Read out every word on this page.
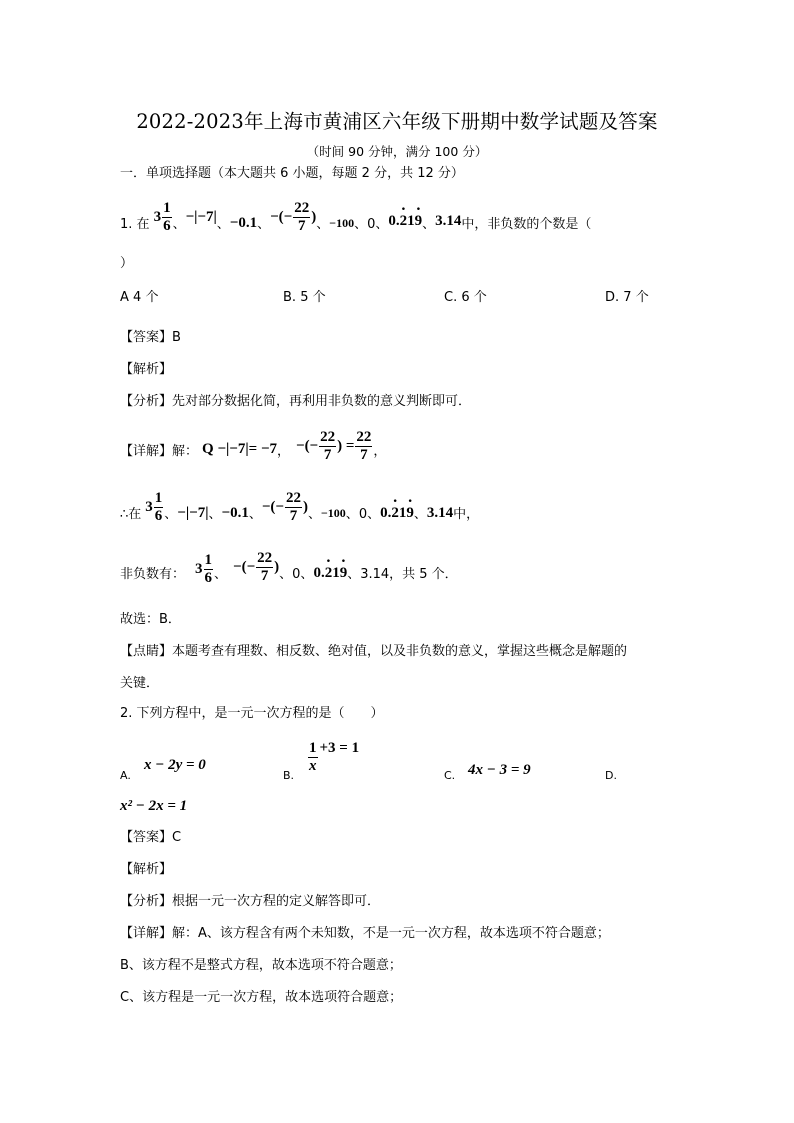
2022-2023年上海市黄浦区六年级下册期中数学试题及答案
（时间 90 分钟，满分 100 分）
一．单项选择题（本大题共 6 小题，每题 2 分，共 12 分）
1.
在 $3 \frac{1}{6}$ 、 −|−7| 、 −0.1 、 −(− $\frac{22}{7}$ ) 、 −100 、 0 、 0.2 ·19 · 、 3.14 中，非负数的个数是（
）
A 4 个	B. 5 个	C. 6 个	D. 7 个
【答案】B
【解析】
【分析】先对部分数据化简，再利用非负数的意义判断即可．
【详解】 解： Q −|−7|= −7 ， −(− $\frac{22}{7}$ ) = $\frac{22}{7}$ ，
∴在 $3 \frac{1}{6}$ 、 −|−7| 、 −0.1 、 −(− $\frac{22}{7}$ ) 、 −100 、 0 、 0.2 ·19 · 、 3.14 中，
非负数有： $3 \frac{1}{6}$ 、 −(− $\frac{22}{7}$ ) 、 0 、 0.2 ·19 · 、3.14，共 5 个．
故选：B．
【点睛】本题考查有理数、相反数、绝对值，以及非负数的意义，掌握这些概念是解题的
关键．
2. 下列方程中，是一元一次方程的是（　　）
A.
x − 2y = 0
B.
$\frac{1}{x} +3 = 1$
C. 4x − 3 = 9	D.
x² − 2x = 1
【答案】C
【解析】
【分析】根据一元一次方程的定义解答即可．
【详解】解：A、该方程含有两个未知数，不是一元一次方程，故本选项不符合题意；
B、该方程不是整式方程，故本选项不符合题意；
C、该方程是一元一次方程，故本选项符合题意；
